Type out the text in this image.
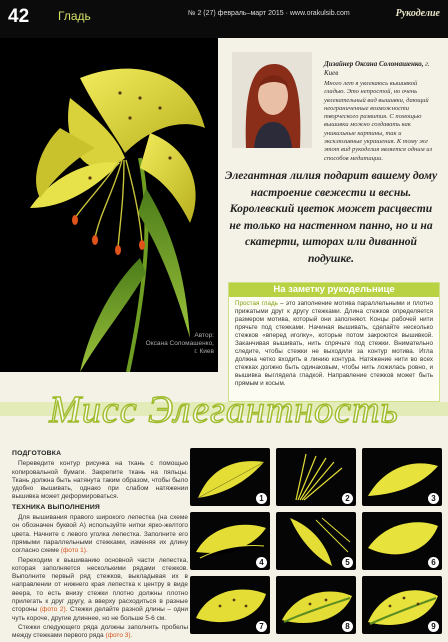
42 Гладь	№ 2 (27) февраль–март 2015 · www.orakulsib.com	Рукоделие
Автор:
Оксана Соломашенко,
г. Киев
Дизайнер Оксана Соломашенко, г. Киев
Много лет я увлекаюсь вышивкой гладью. Это непростой, но очень увлекательный вид вышивки, дающий неограниченные возможности творческого развития. С помощью вышивки можно создавать как уникальные картины, так и эксклюзивные украшения. К тому же этот вид рукоделия является одним из способов медитации.
Элегантная лилия подарит вашему дому настроение свежести и весны. Королевский цветок может расцвести не только на настенном панно, но и на скатерти, шторах или диванной подушке.
На заметку рукодельнице
Простая гладь – это заполнение мотива параллельными и плотно прижатыми друг к другу стежками. Длина стежков определяется размером мотива, который они заполняют. Концы рабочей нити прячьте под стежками. Начиная вышивать, сделайте несколько стежков «вперед иголку», которые потом закроются вышивкой. Заканчивая вышивать, нить спрячьте под стежки. Внимательно следите, чтобы стежки не выходили за контур мотива. Игла должна четко входить в линию контура. Натяжение нити во всех стежках должно быть одинаковым, чтобы нить ложилась ровно, и вышивка выглядела гладкой. Направление стежков может быть прямым и косым.
Мисс Элегантность
ПОДГОТОВКА

Переведите контур рисунка на ткань с помощью копировальной бумаги. Закрепите ткань на пяльцы. Ткань должна быть натянута таким образом, чтобы было удобно вышивать, однако при слабом натяжении вышивка может деформироваться.

ТЕХНИКА ВЫПОЛНЕНИЯ

Для вышивания правого широкого лепестка (на схеме он обозначен буквой А) используйте нитки ярко-желтого цвета. Начните с левого уголка лепестка. Заполните его прямыми параллельными стежками, изменяя их длину согласно схеме (фото 1).

Переходим к вышиванию основной части лепестка, которая заполняется несколькими рядами стежков. Выполните первый ряд стежков, выкладывая их в направлении от нижнего края лепестка к центру в виде веера, то есть внизу стежки плотно должны плотно прилегать к друг другу, а вверху расходиться в разные стороны (фото 2). Стежки делайте разной длины – одни чуть короче, другие длиннее, но не больше 5-6 см.

Стежки следующего ряда должны заполнить пробелы между стежками первого ряда (фото 3).

1	2	3
4	5	6
7	8	9
